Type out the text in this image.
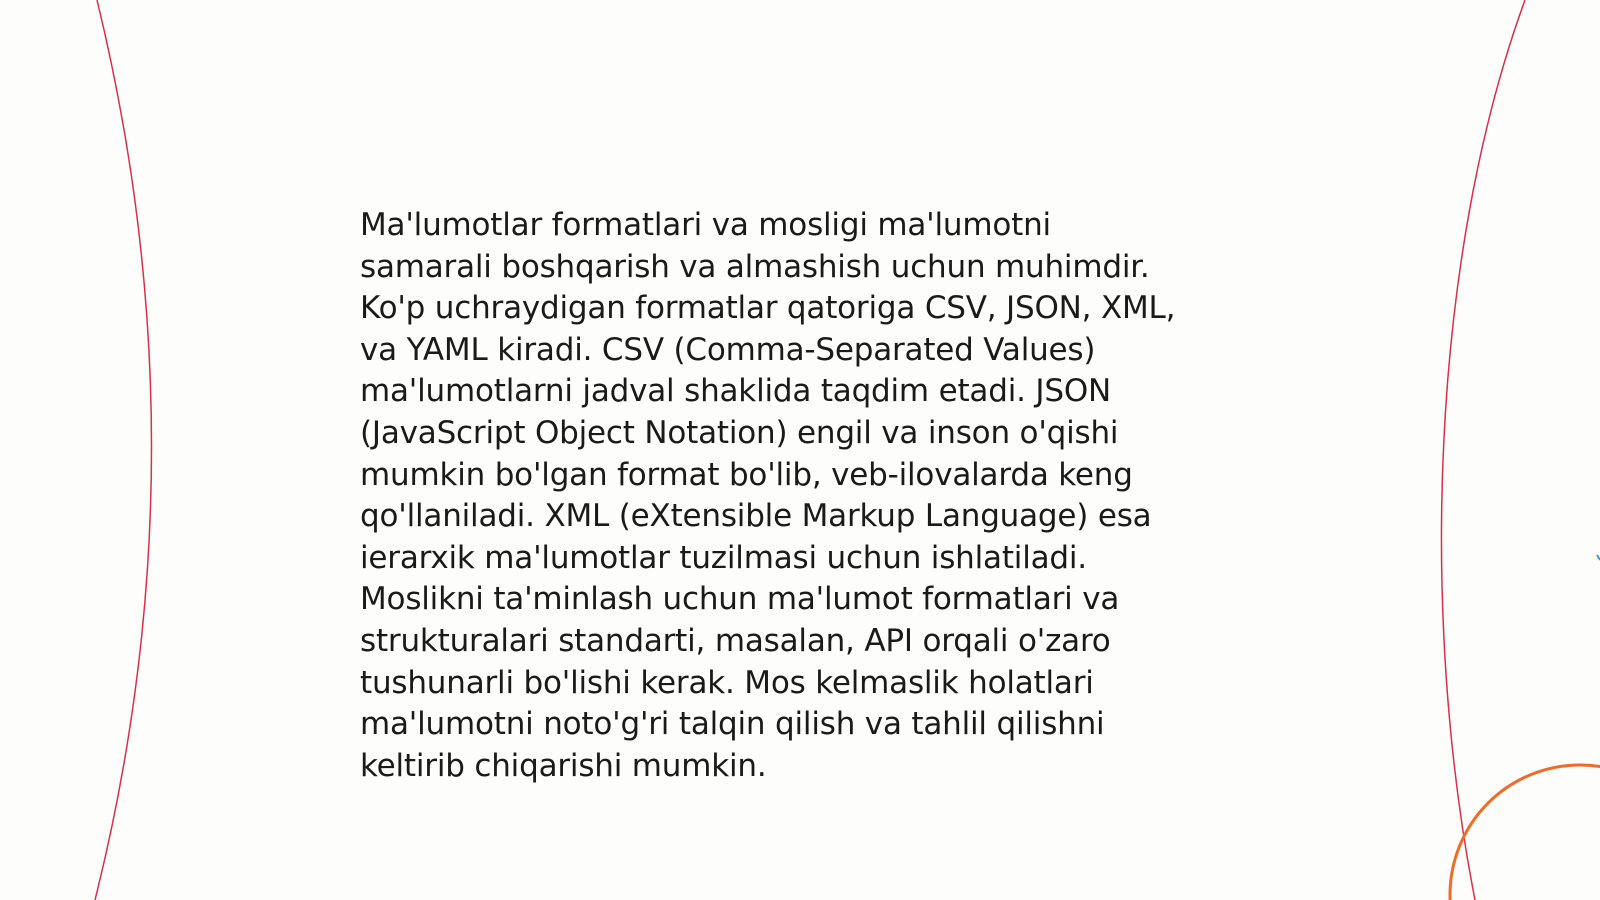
Ma'lumotlar formatlari va mosligi ma'lumotni
samarali boshqarish va almashish uchun muhimdir.
Ko'p uchraydigan formatlar qatoriga CSV, JSON, XML,
va YAML kiradi. CSV (Comma-Separated Values)
ma'lumotlarni jadval shaklida taqdim etadi. JSON
(JavaScript Object Notation) engil va inson o'qishi
mumkin bo'lgan format bo'lib, veb-ilovalarda keng
qo'llaniladi. XML (eXtensible Markup Language) esa
ierarxik ma'lumotlar tuzilmasi uchun ishlatiladi.
Moslikni ta'minlash uchun ma'lumot formatlari va
strukturalari standarti, masalan, API orqali o'zaro
tushunarli bo'lishi kerak. Mos kelmaslik holatlari
ma'lumotni noto'g'ri talqin qilish va tahlil qilishni
keltirib chiqarishi mumkin.
